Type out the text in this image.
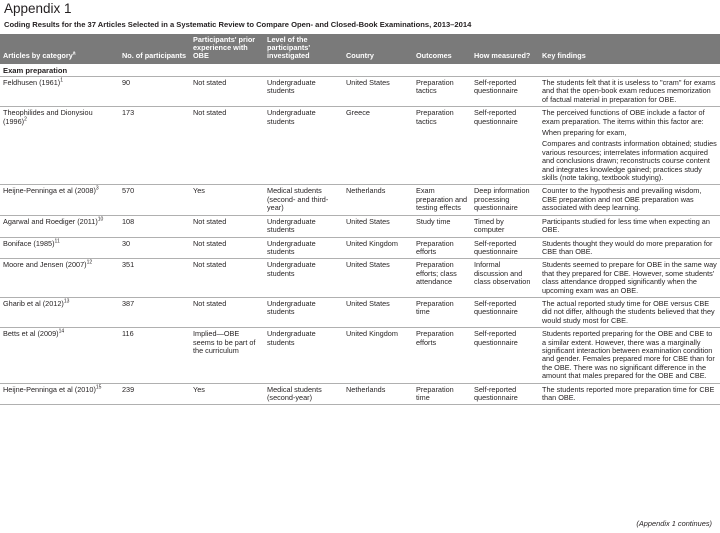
Appendix 1
Coding Results for the 37 Articles Selected in a Systematic Review to Compare Open- and Closed-Book Examinations, 2013–2014
Articles by category$^a$	No. of participants	Participants' prior experience with OBE	Level of the participants' investigated	Country	Outcomes	How measured?	Key findings
Exam preparation							
Feldhusen $(1961)^1$	90	Not stated	Undergraduate students	United States	Preparation tactics	Self-reported questionnaire	The students felt that it is useless to "cram" for exams and that the open-book exam reduces memorization of factual material in preparation for OBE.

Theophilides and Dionysiou $(1996)^2$	173	Not stated	Undergraduate students	Greece	Preparation tactics	Self-reported questionnaire	The perceived functions of OBE include a factor of exam preparation. The items within this factor are:
When preparing for exam,
Compares and contrasts information obtained; studies various resources; interrelates information acquired and conclusions drawn; reconstructs course content and integrates knowledge gained; practices study skills (note taking, textbook studying).

Heijne-Penninga et al $(2008)^3$	570	Yes	Medical students (second- and third-year)	Netherlands	Exam preparation and testing effects	Deep information processing questionnaire	Counter to the hypothesis and prevailing wisdom, CBE preparation and not OBE preparation was associated with deep learning.

Agarwal and Roediger $(2011)^{10}$	108	Not stated	Undergraduate students	United States	Study time	Timed by computer	Participants studied for less time when expecting an OBE.

Boniface $(1985)^{11}$	30	Not stated	Undergraduate students	United Kingdom	Preparation efforts	Self-reported questionnaire	Students thought they would do more preparation for CBE than OBE.

Moore and Jensen $(2007)^{12}$	351	Not stated	Undergraduate students	United States	Preparation efforts; class attendance	Informal discussion and class observation	Students seemed to prepare for OBE in the same way that they prepared for CBE. However, some students' class attendance dropped significantly when the upcoming exam was an OBE.

Gharib et al $(2012)^{13}$	387	Not stated	Undergraduate students	United States	Preparation time	Self-reported questionnaire	The actual reported study time for OBE versus CBE did not differ, although the students believed that they would study most for CBE.

Betts et al $(2009)^{14}$	116	Implied—OBE seems to be part of the curriculum	Undergraduate students	United Kingdom	Preparation efforts	Self-reported questionnaire	Students reported preparing for the OBE and CBE to a similar extent. However, there was a marginally significant interaction between examination condition and gender. Females prepared more for CBE than for the OBE. There was no significant difference in the amount that males prepared for the OBE and CBE.

Heijne-Penninga et al $(2010)^{15}$	239	Yes	Medical students (second-year)	Netherlands	Preparation time	Self-reported questionnaire	The students reported more preparation time for CBE than OBE.
(Appendix 1 continues)
